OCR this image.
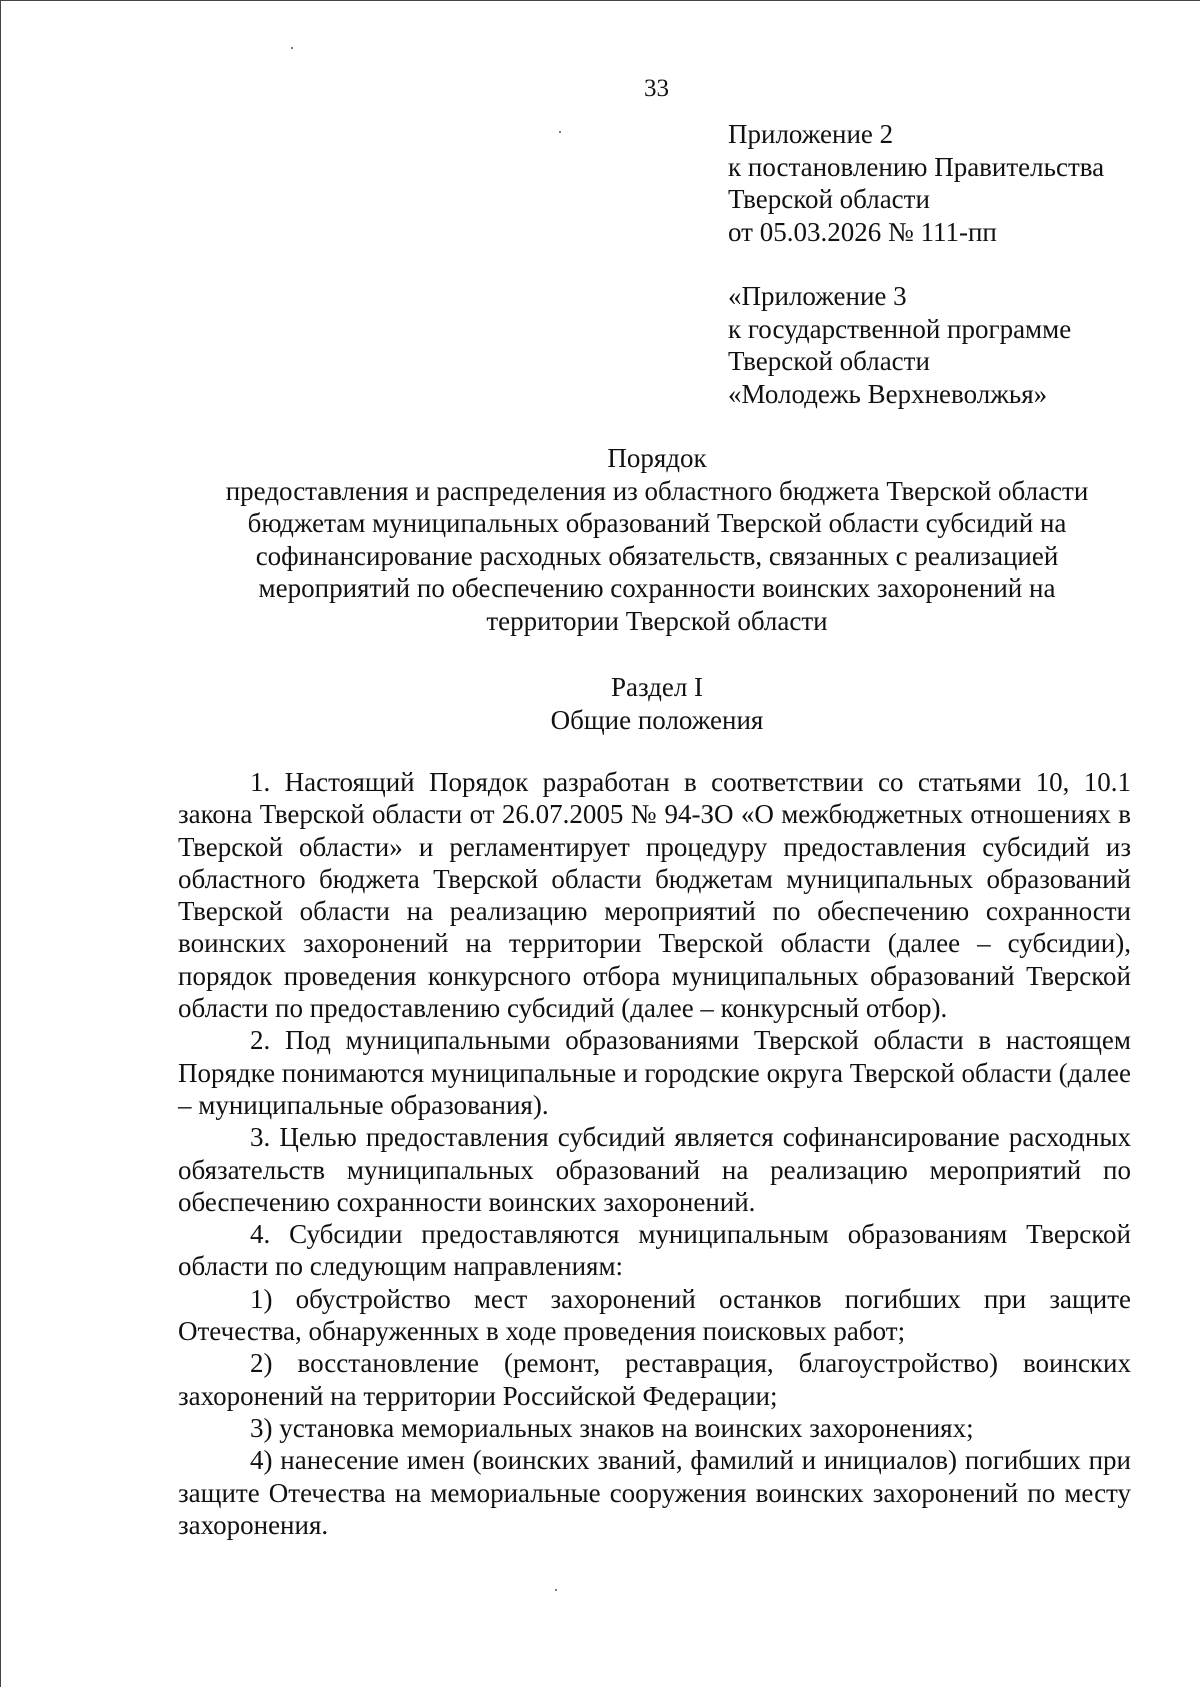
33
Приложение 2
к постановлению Правительства
Тверской области
от 05.03.2026 № 111-пп
«Приложение 3
к государственной программе
Тверской области
«Молодежь Верхневолжья»
Порядок
предоставления и распределения из областного бюджета Тверской области
бюджетам муниципальных образований Тверской области субсидий на
софинансирование расходных обязательств, связанных с реализацией
мероприятий по обеспечению сохранности воинских захоронений на
территории Тверской области
Раздел I
Общие положения

1. Настоящий Порядок разработан в соответствии со статьями 10, 10.1 закона Тверской области от 26.07.2005 № 94-ЗО «О межбюджетных отношениях в Тверской области» и регламентирует процедуру предоставления субсидий из областного бюджета Тверской области бюджетам муниципальных образований Тверской области на реализацию мероприятий по обеспечению сохранности воинских захоронений на территории Тверской области (далее – субсидии), порядок проведения конкурсного отбора муниципальных образований Тверской области по предоставлению субсидий (далее – конкурсный отбор).

2. Под муниципальными образованиями Тверской области в настоящем Порядке понимаются муниципальные и городские округа Тверской области (далее – муниципальные образования).

3. Целью предоставления субсидий является софинансирование расходных обязательств муниципальных образований на реализацию мероприятий по обеспечению сохранности воинских захоронений.

4. Субсидии предоставляются муниципальным образованиям Тверской области по следующим направлениям:

1) обустройство мест захоронений останков погибших при защите Отечества, обнаруженных в ходе проведения поисковых работ;

2) восстановление (ремонт, реставрация, благоустройство) воинских захоронений на территории Российской Федерации;

3) установка мемориальных знаков на воинских захоронениях;

4) нанесение имен (воинских званий, фамилий и инициалов) погибших при защите Отечества на мемориальные сооружения воинских захоронений по месту захоронения.
